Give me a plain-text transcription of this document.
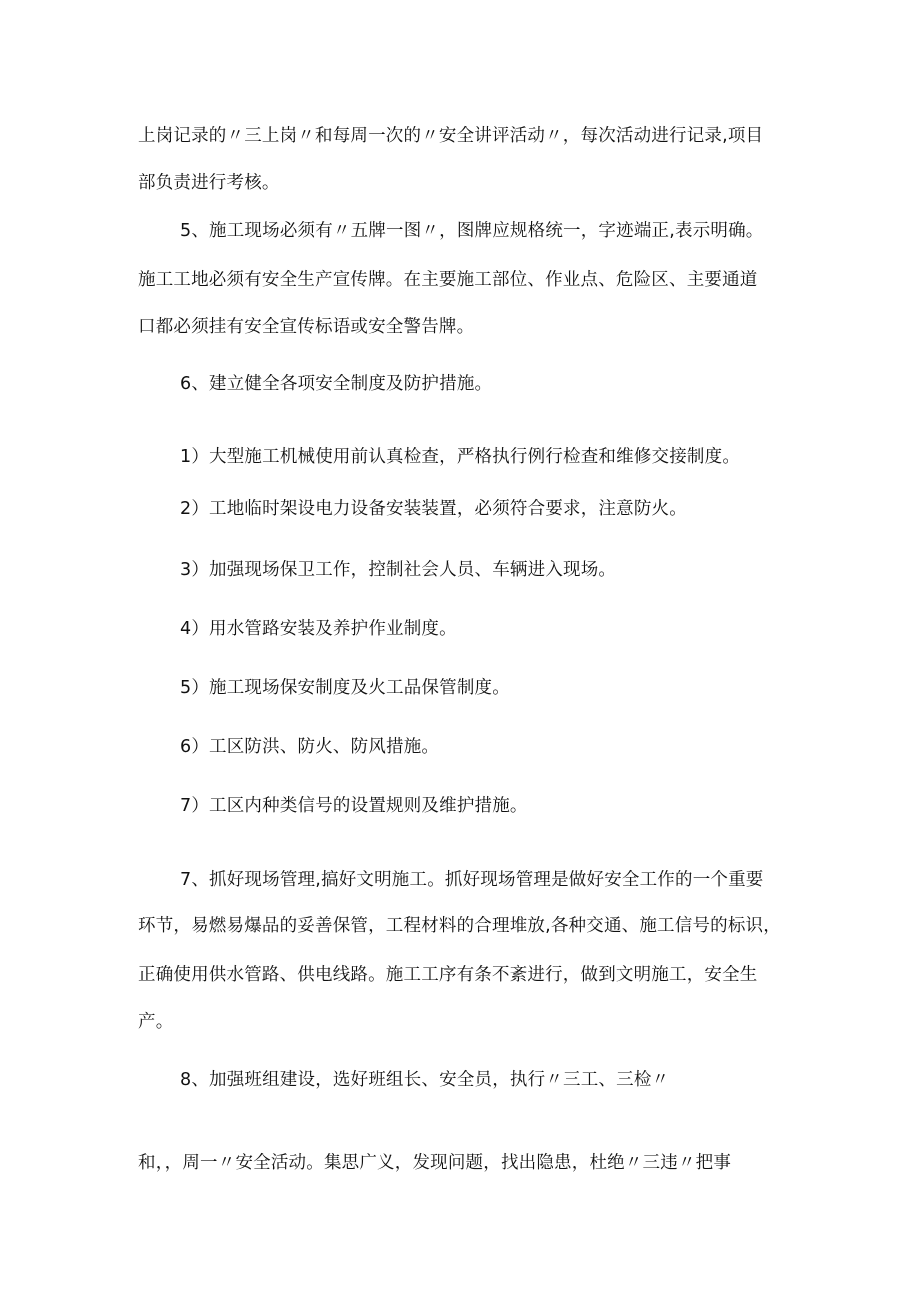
上岗记录的〃三上岗〃和每周一次的〃安全讲评活动〃，每次活动进行记录,项目
部负责进行考核。
5、施工现场必须有〃五牌一图〃，图牌应规格统一，字迹端正,表示明确。
施工工地必须有安全生产宣传牌。在主要施工部位、作业点、危险区、主要通道
口都必须挂有安全宣传标语或安全警告牌。
6、建立健全各项安全制度及防护措施。
1）大型施工机械使用前认真检查，严格执行例行检查和维修交接制度。
2）工地临时架设电力设备安装装置，必须符合要求，注意防火。
3）加强现场保卫工作，控制社会人员、车辆进入现场。
4）用水管路安装及养护作业制度。
5）施工现场保安制度及火工品保管制度。
6）工区防洪、防火、防风措施。
7）工区内种类信号的设置规则及维护措施。
7、抓好现场管理,搞好文明施工。抓好现场管理是做好安全工作的一个重要
环节，易燃易爆品的妥善保管，工程材料的合理堆放,各种交通、施工信号的标识，
正确使用供水管路、供电线路。施工工序有条不紊进行，做到文明施工，安全生
产。
8、加强班组建设，选好班组长、安全员，执行〃三工、三检〃
和，，周一〃安全活动。集思广义，发现问题，找出隐患，杜绝〃三违〃把事
